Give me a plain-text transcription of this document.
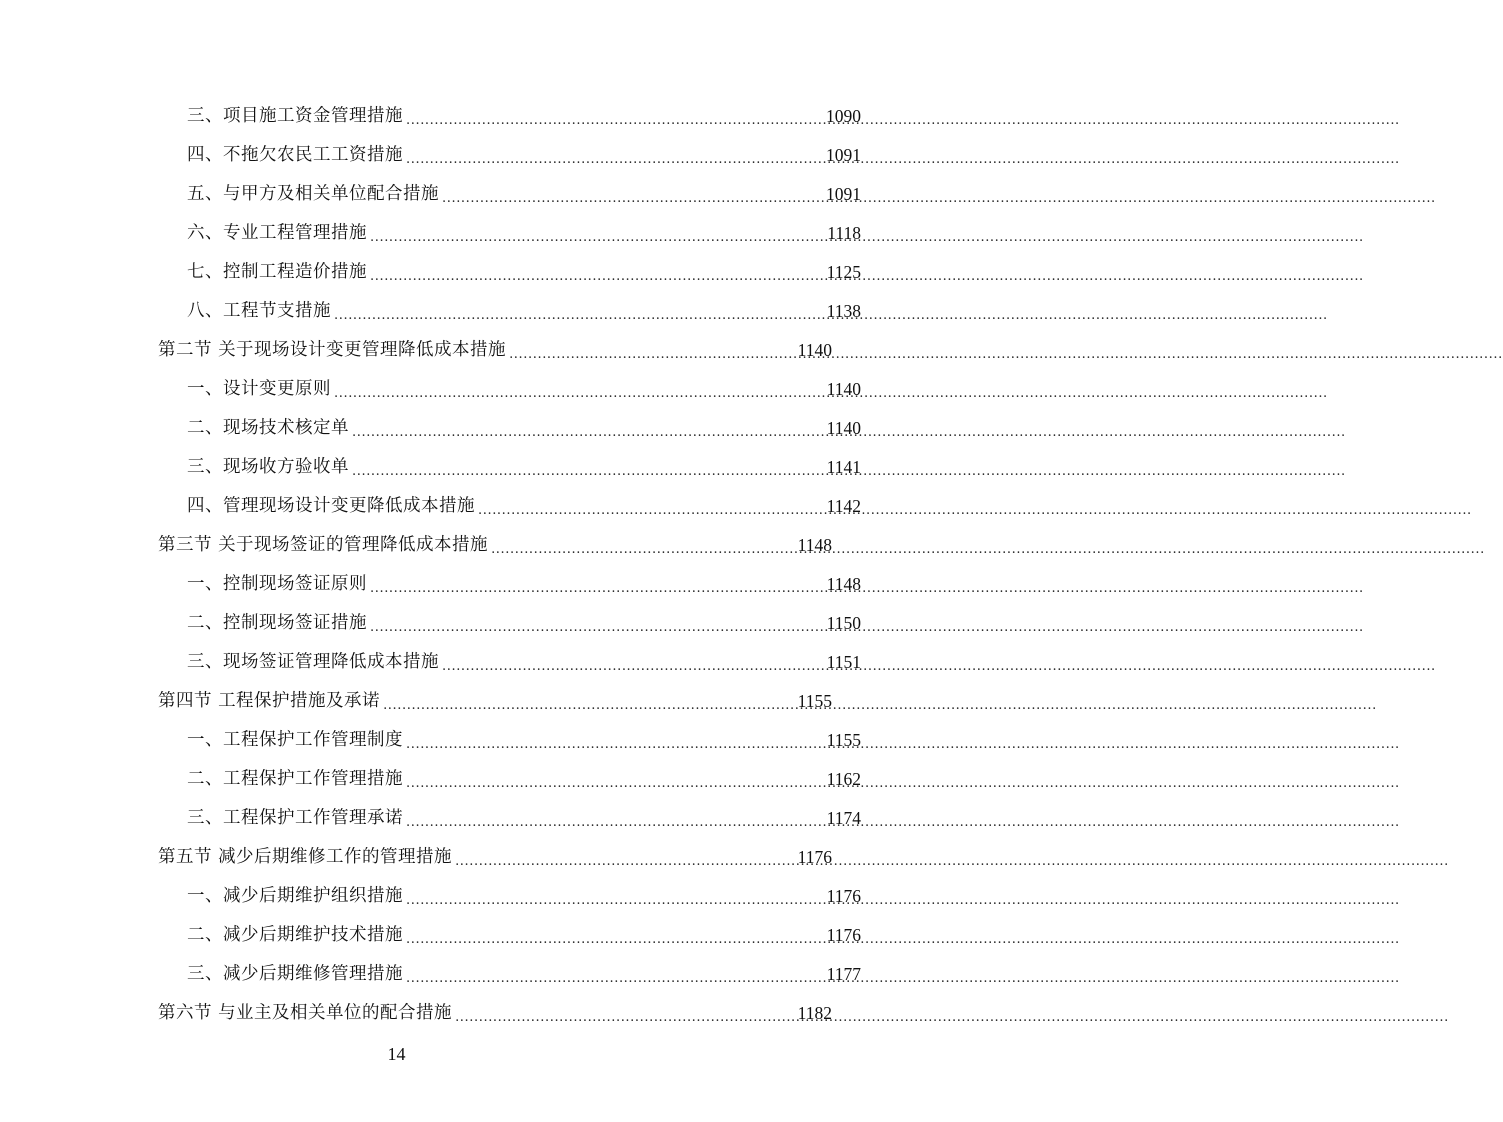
三、项目施工资金管理措施 .....	1090
四、不拖欠农民工工资措施 .....	1091
五、与甲方及相关单位配合措施 .....	1091
六、专业工程管理措施 .....	1118
七、控制工程造价措施 .....	1125
八、工程节支措施 .....	1138
第二节 关于现场设计变更管理降低成本措施 .....	1140
一、设计变更原则 .....	1140
二、现场技术核定单 .....	1140
三、现场收方验收单 .....	1141
四、管理现场设计变更降低成本措施 .....	1142
第三节 关于现场签证的管理降低成本措施 .....	1148
一、控制现场签证原则 .....	1148
二、控制现场签证措施 .....	1150
三、现场签证管理降低成本措施 .....	1151
第四节 工程保护措施及承诺 .....	1155
一、工程保护工作管理制度 .....	1155
二、工程保护工作管理措施 .....	1162
三、工程保护工作管理承诺 .....	1174
第五节 减少后期维修工作的管理措施 .....	1176
一、减少后期维护组织措施 .....	1176
二、减少后期维护技术措施 .....	1176
三、减少后期维修管理措施 .....	1177
第六节 与业主及相关单位的配合措施 .....	1182
14
